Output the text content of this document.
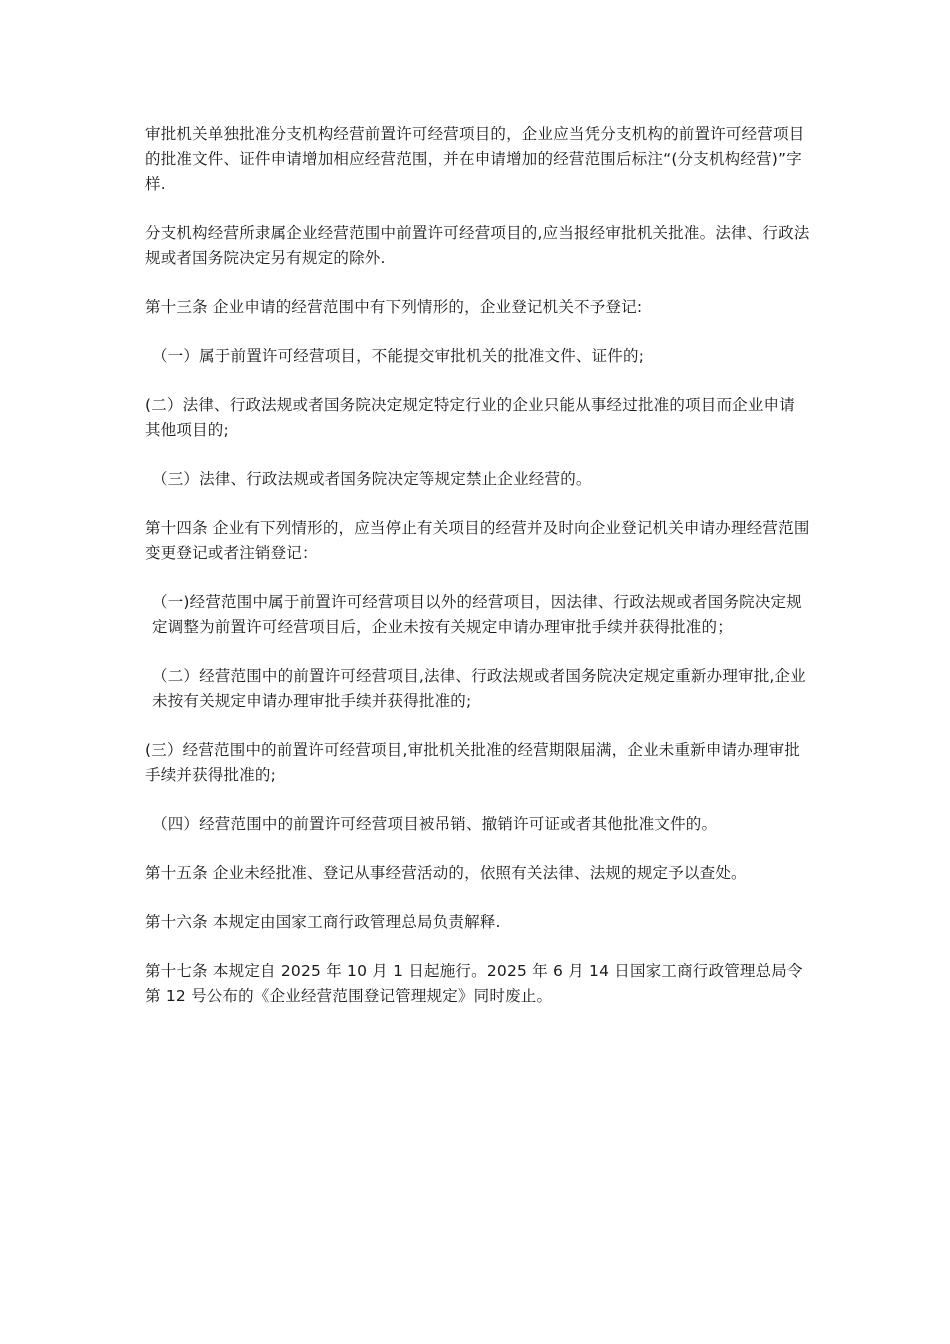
审批机关单独批准分支机构经营前置许可经营项目的，企业应当凭分支机构的前置许可经营项目的批准文件、证件申请增加相应经营范围，并在申请增加的经营范围后标注“(分支机构经营)”字样.

分支机构经营所隶属企业经营范围中前置许可经营项目的,应当报经审批机关批准。法律、行政法规或者国务院决定另有规定的除外.

第十三条 企业申请的经营范围中有下列情形的，企业登记机关不予登记:

（一）属于前置许可经营项目，不能提交审批机关的批准文件、证件的;

(二）法律、行政法规或者国务院决定规定特定行业的企业只能从事经过批准的项目而企业申请其他项目的;

（三）法律、行政法规或者国务院决定等规定禁止企业经营的。

第十四条 企业有下列情形的，应当停止有关项目的经营并及时向企业登记机关申请办理经营范围变更登记或者注销登记：

（一)经营范围中属于前置许可经营项目以外的经营项目，因法律、行政法规或者国务院决定规定调整为前置许可经营项目后，企业未按有关规定申请办理审批手续并获得批准的；

（二）经营范围中的前置许可经营项目,法律、行政法规或者国务院决定规定重新办理审批,企业未按有关规定申请办理审批手续并获得批准的;

(三）经营范围中的前置许可经营项目,审批机关批准的经营期限届满，企业未重新申请办理审批手续并获得批准的;

（四）经营范围中的前置许可经营项目被吊销、撤销许可证或者其他批准文件的。

第十五条 企业未经批准、登记从事经营活动的，依照有关法律、法规的规定予以查处。

第十六条 本规定由国家工商行政管理总局负责解释.

第十七条 本规定自 2025 年 10 月 1 日起施行。2025 年 6 月 14 日国家工商行政管理总局令第 12 号公布的《企业经营范围登记管理规定》同时废止。
